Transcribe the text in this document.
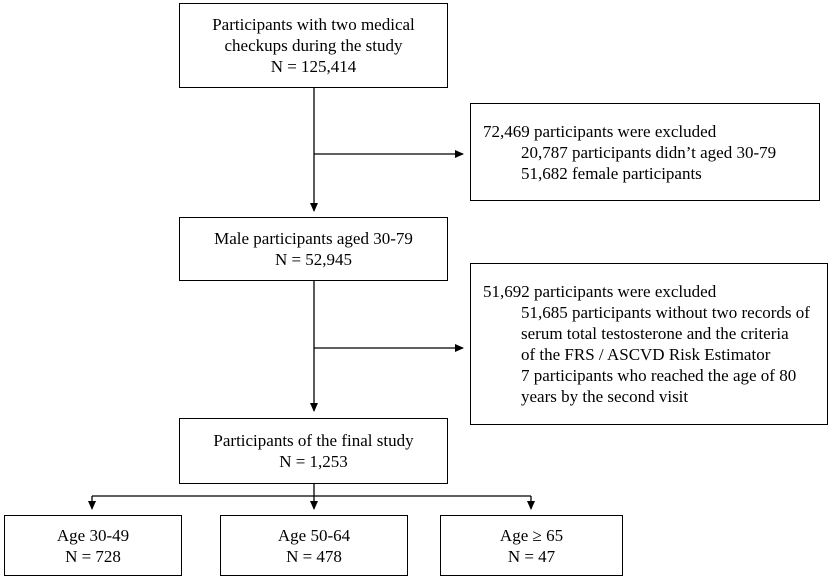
Participants with two medical
checkups during the study
N = 125,414
72,469 participants were excluded
20,787 participants didn’t aged 30-79
51,682 female participants
Male participants aged 30-79
N = 52,945
51,692 participants were excluded
51,685 participants without two records of
serum total testosterone and the criteria
of the FRS / ASCVD Risk Estimator
7 participants who reached the age of 80
years by the second visit
Participants of the final study
N = 1,253
Age 30-49
N = 728
Age 50-64
N = 478
Age ≥ 65
N = 47
